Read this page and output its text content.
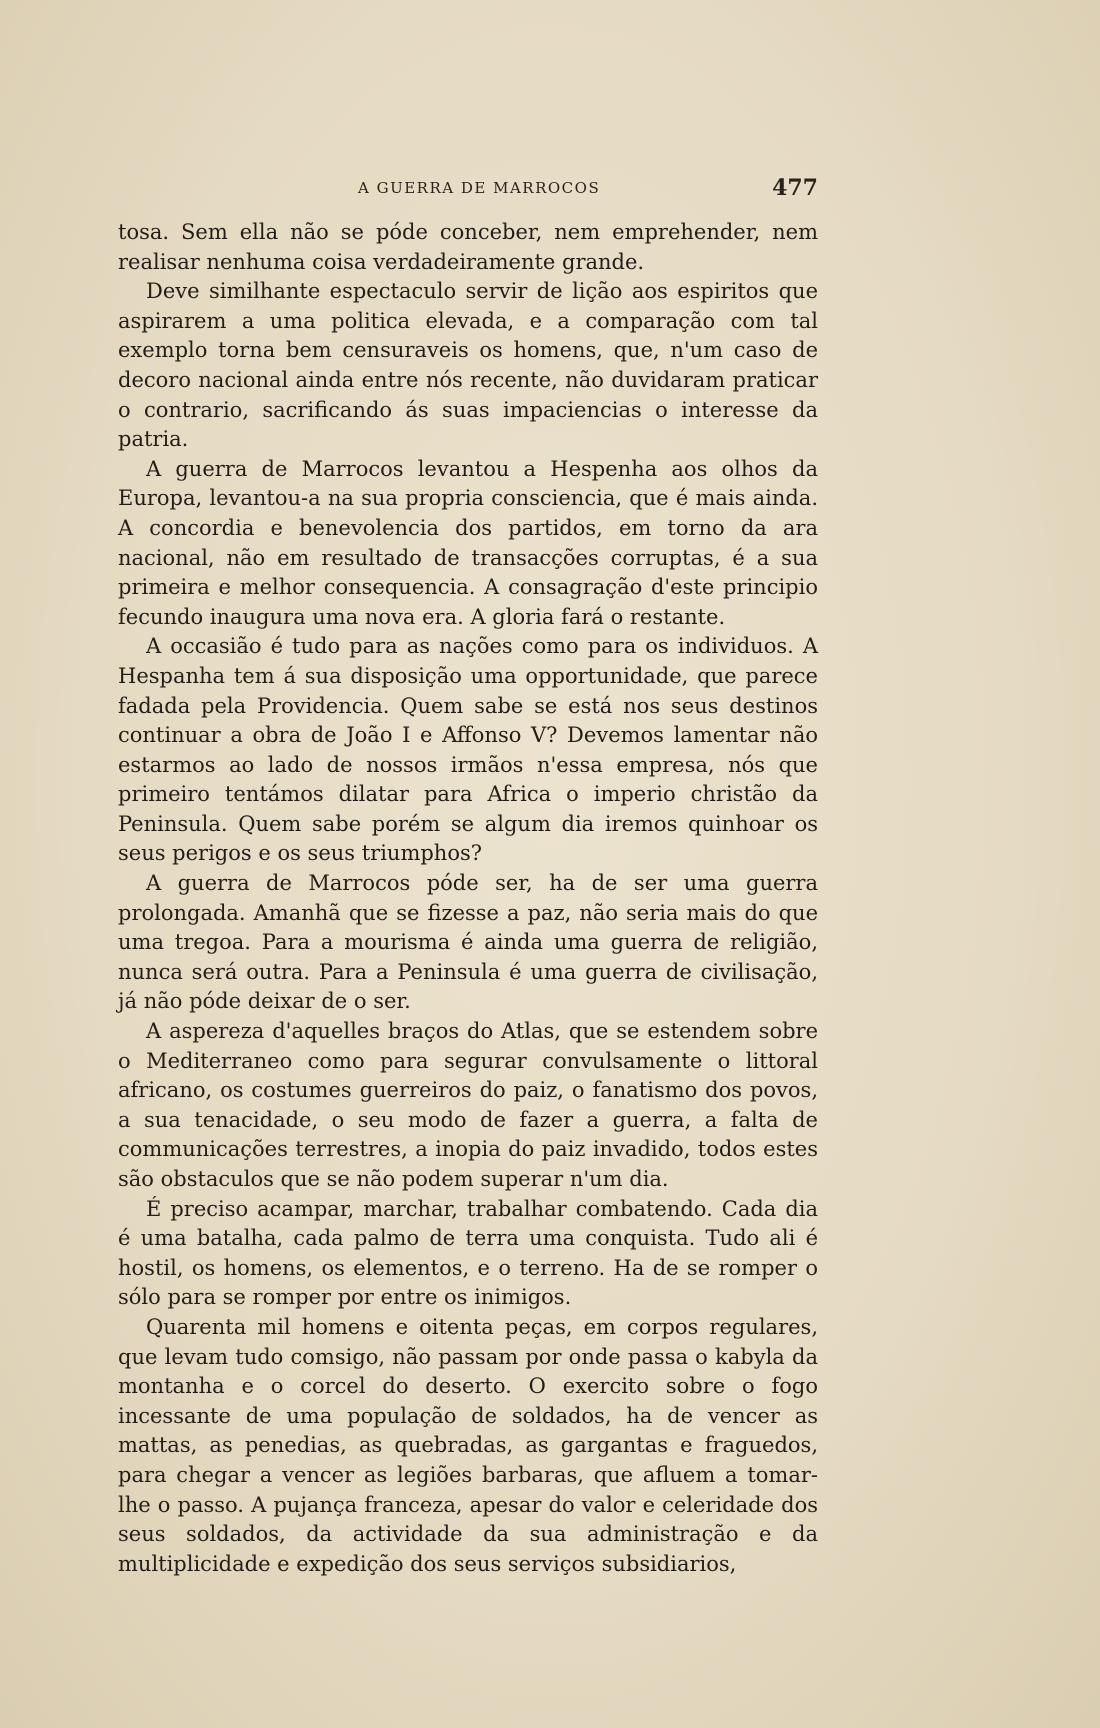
A GUERRA DE MARROCOS	477

tosa. Sem ella não se póde conceber, nem emprehender, nem realisar nenhuma coisa verdadeiramente grande.

Deve similhante espectaculo servir de lição aos espiritos que aspirarem a uma politica elevada, e a comparação com tal exemplo torna bem censuraveis os homens, que, n'um caso de decoro nacional ainda entre nós recente, não duvidaram praticar o contrario, sacrificando ás suas impaciencias o interesse da patria.

A guerra de Marrocos levantou a Hespenha aos olhos da Europa, levantou-a na sua propria consciencia, que é mais ainda. A concordia e benevolencia dos partidos, em torno da ara nacional, não em resultado de transacções corruptas, é a sua primeira e melhor consequencia. A consagração d'este principio fecundo inaugura uma nova era. A gloria fará o restante.

A occasião é tudo para as nações como para os individuos. A Hespanha tem á sua disposição uma opportunidade, que parece fadada pela Providencia. Quem sabe se está nos seus destinos continuar a obra de João I e Affonso V? Devemos lamentar não estarmos ao lado de nossos irmãos n'essa empresa, nós que primeiro tentámos dilatar para Africa o imperio christão da Peninsula. Quem sabe porém se algum dia iremos quinhoar os seus perigos e os seus triumphos?

A guerra de Marrocos póde ser, ha de ser uma guerra prolongada. Amanhã que se fizesse a paz, não seria mais do que uma tregoa. Para a mourisma é ainda uma guerra de religião, nunca será outra. Para a Peninsula é uma guerra de civilisação, já não póde deixar de o ser.

A aspereza d'aquelles braços do Atlas, que se estendem sobre o Mediterraneo como para segurar convulsamente o littoral africano, os costumes guerreiros do paiz, o fanatismo dos povos, a sua tenacidade, o seu modo de fazer a guerra, a falta de communicações terrestres, a inopia do paiz invadido, todos estes são obstaculos que se não podem superar n'um dia.

É preciso acampar, marchar, trabalhar combatendo. Cada dia é uma batalha, cada palmo de terra uma conquista. Tudo ali é hostil, os homens, os elementos, e o terreno. Ha de se romper o sólo para se romper por entre os inimigos.

Quarenta mil homens e oitenta peças, em corpos regulares, que levam tudo comsigo, não passam por onde passa o kabyla da montanha e o corcel do deserto. O exercito sobre o fogo incessante de uma população de soldados, ha de vencer as mattas, as penedias, as quebradas, as gargantas e fraguedos, para chegar a vencer as legiões barbaras, que afluem a tomar-lhe o passo. A pujança franceza, apesar do valor e celeridade dos seus soldados, da actividade da sua administração e da multiplicidade e expedição dos seus serviços subsidiarios,
